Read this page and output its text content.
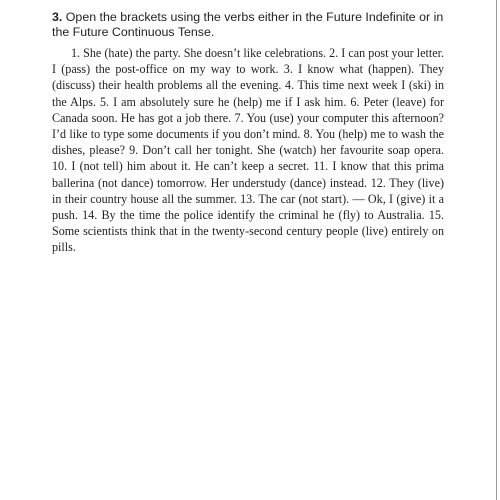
3. Open the brackets using the verbs either in the Future Indefinite or in the Future Continuous Tense.

1. She (hate) the party. She doesn’t like celebrations. 2. I can post your letter. I (pass) the post-office on my way to work. 3. I know what (happen). They (discuss) their health problems all the evening. 4. This time next week I (ski) in the Alps. 5. I am absolutely sure he (help) me if I ask him. 6. Peter (leave) for Canada soon. He has got a job there. 7. You (use) your computer this afternoon? I’d like to type some documents if you don’t mind. 8. You (help) me to wash the dishes, please? 9. Don’t call her tonight. She (watch) her favourite soap opera. 10. I (not tell) him about it. He can’t keep a secret. 11. I know that this prima ballerina (not dance) tomorrow. Her understudy (dance) instead. 12. They (live) in their country house all the summer. 13. The car (not start). — Ok, I (give) it a push. 14. By the time the police identify the criminal he (fly) to Australia. 15. Some scientists think that in the twenty-second century people (live) entirely on pills.
